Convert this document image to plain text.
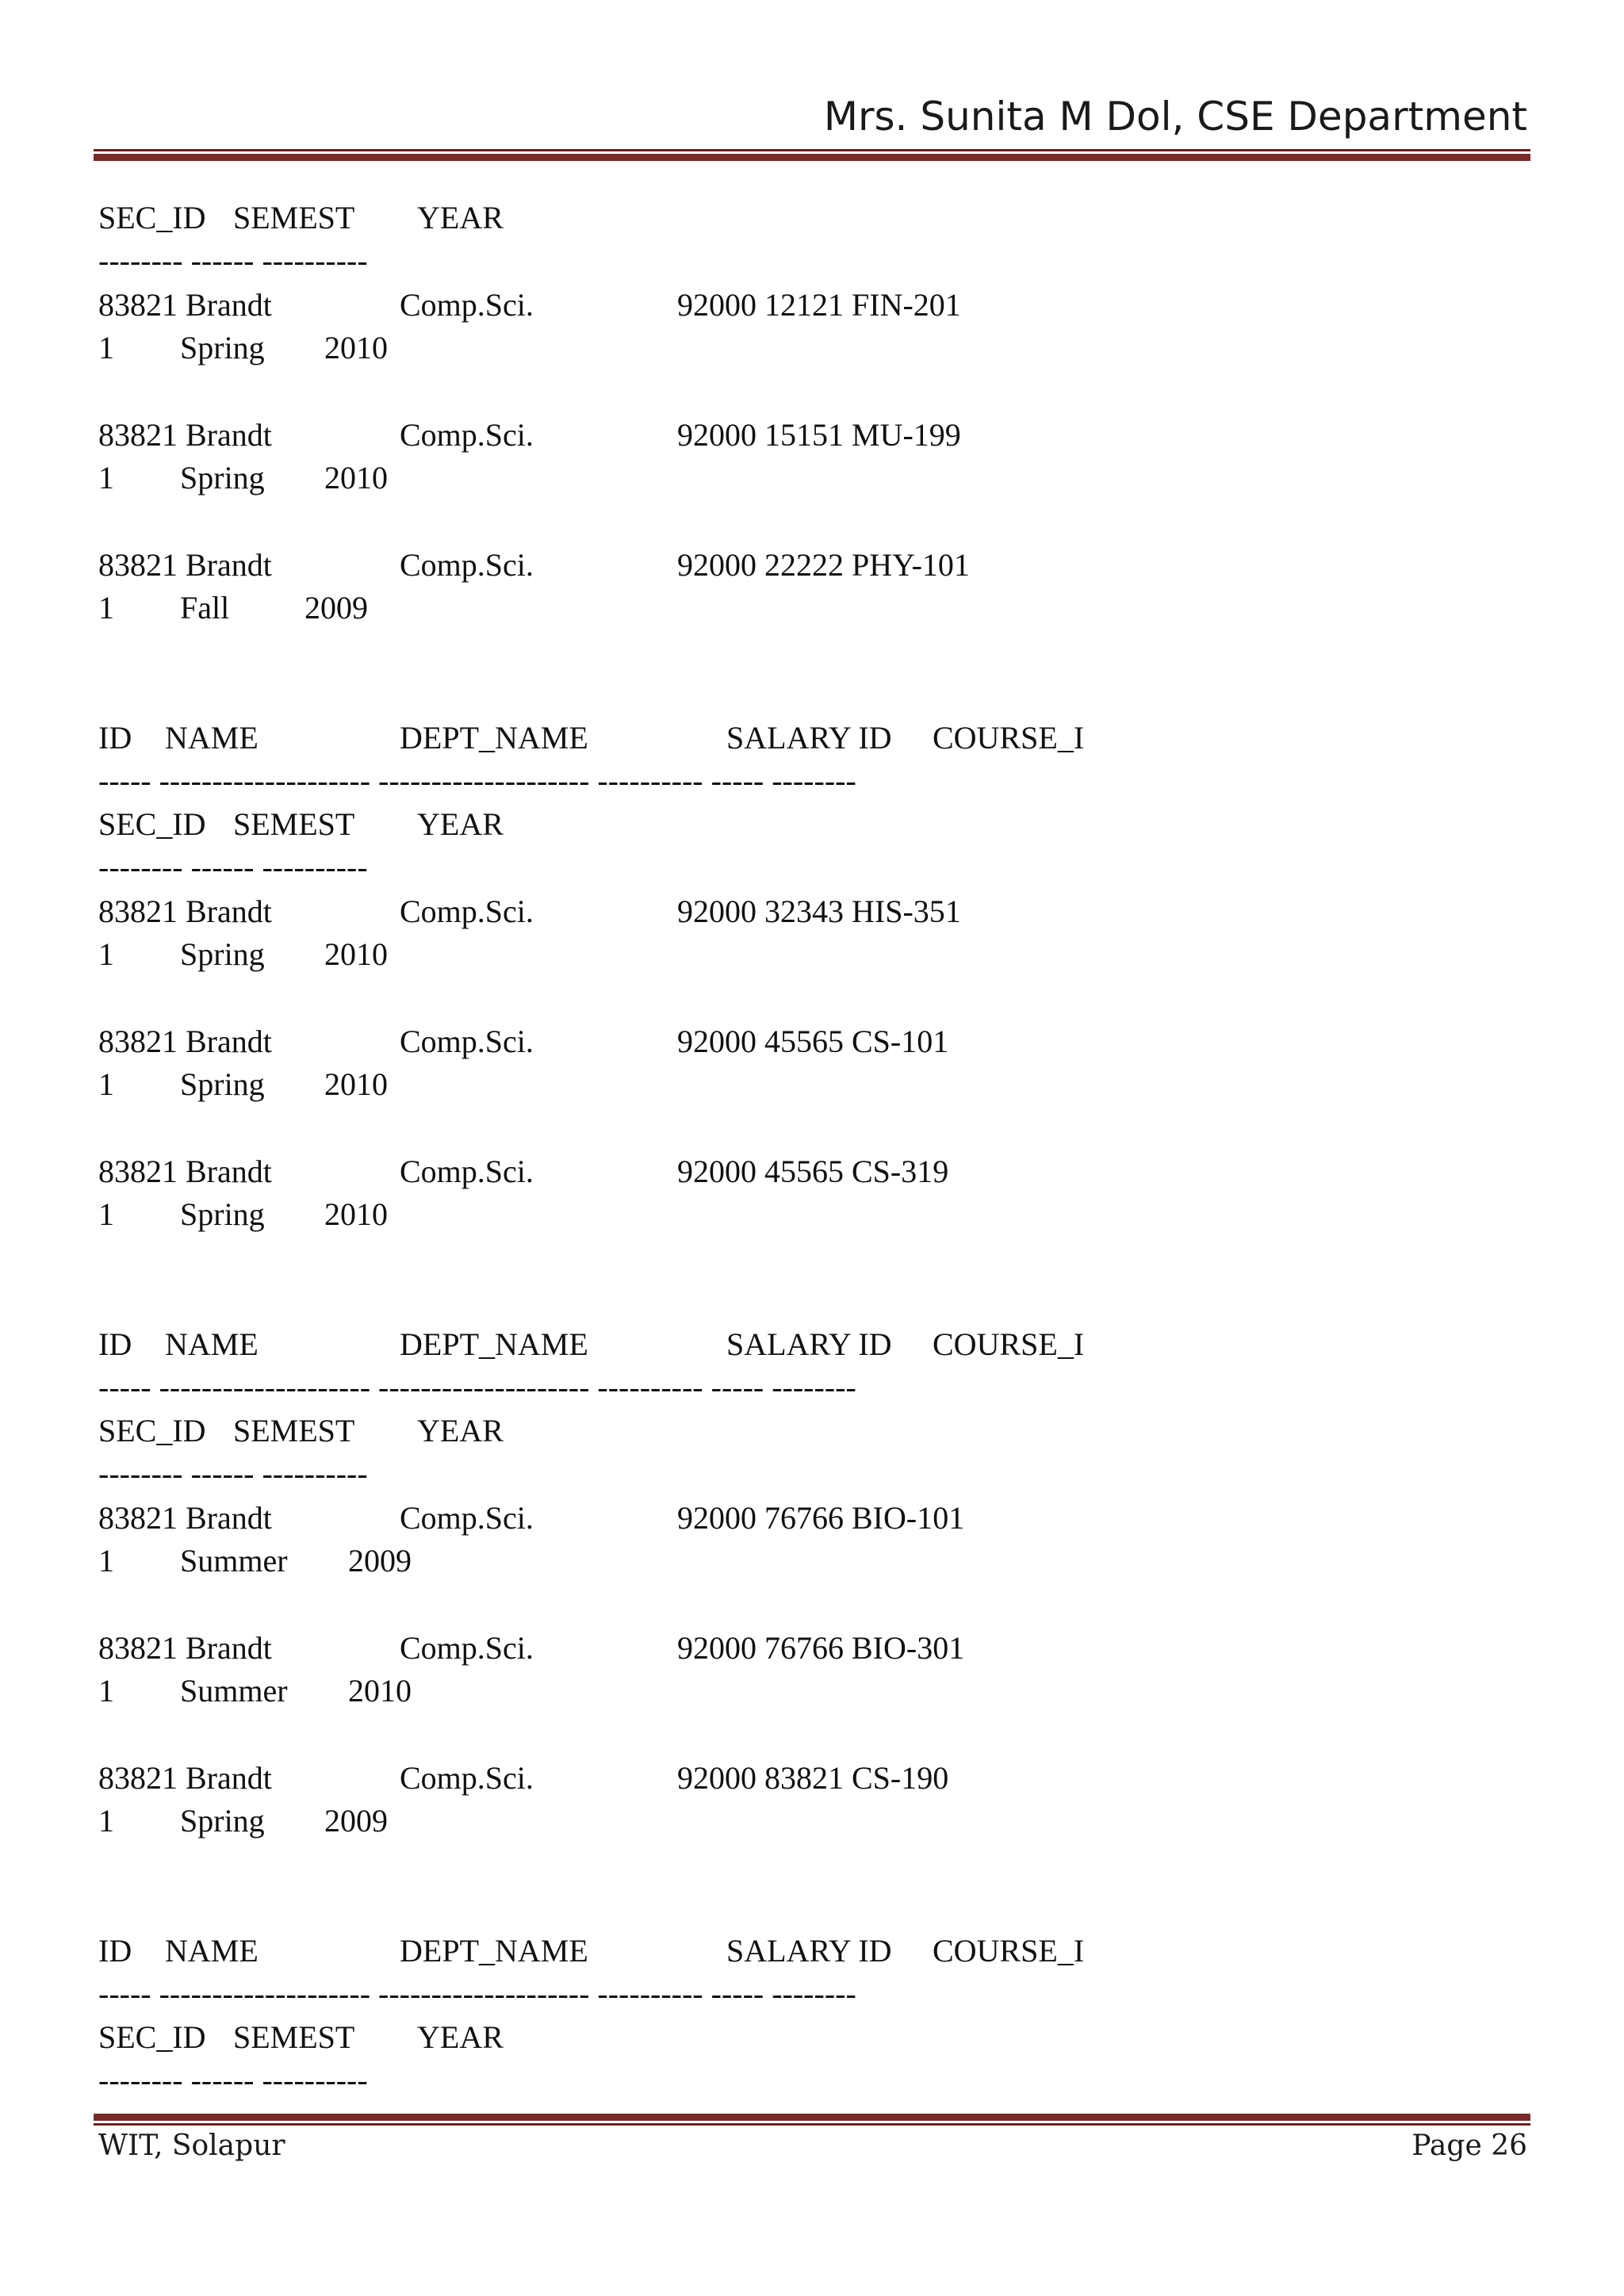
Mrs. Sunita M Dol, CSE Department
SEC_ID SEMEST YEAR
-------- ------ ----------
83821 Brandt	Comp.Sci.	92000 12121 FIN-201
1 Spring 2010
83821 Brandt	Comp.Sci.	92000 15151 MU-199
1 Spring 2010
83821 Brandt	Comp.Sci.	92000 22222 PHY-101
1 Fall 2009
ID NAME	DEPT_NAME	SALARY ID COURSE_I
----- -------------------- -------------------- ---------- ----- --------
SEC_ID SEMEST YEAR
-------- ------ ----------
83821 Brandt	Comp.Sci.	92000 32343 HIS-351
1 Spring 2010
83821 Brandt	Comp.Sci.	92000 45565 CS-101
1 Spring 2010
83821 Brandt	Comp.Sci.	92000 45565 CS-319
1 Spring 2010
ID NAME	DEPT_NAME	SALARY ID COURSE_I
----- -------------------- -------------------- ---------- ----- --------
SEC_ID SEMEST YEAR
-------- ------ ----------
83821 Brandt	Comp.Sci.	92000 76766 BIO-101
1 Summer 2009
83821 Brandt	Comp.Sci.	92000 76766 BIO-301
1 Summer 2010
83821 Brandt	Comp.Sci.	92000 83821 CS-190
1 Spring 2009
ID NAME	DEPT_NAME	SALARY ID COURSE_I
----- -------------------- -------------------- ---------- ----- --------
SEC_ID SEMEST YEAR
-------- ------ ----------
WIT, Solapur	Page 26
